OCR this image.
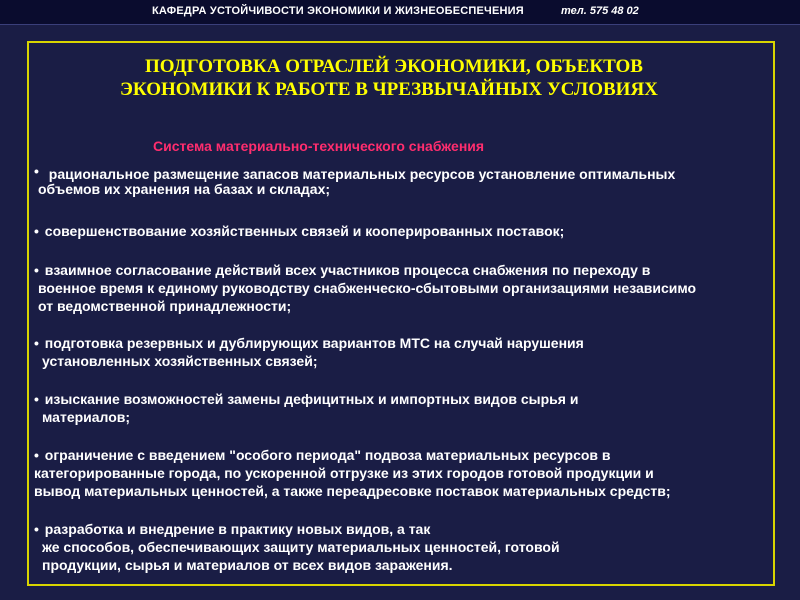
КАФЕДРА УСТОЙЧИВОСТИ ЭКОНОМИКИ И ЖИЗНЕОБЕСПЕЧЕНИЯ	тел. 575 48 02
ПОДГОТОВКА ОТРАСЛЕЙ ЭКОНОМИКИ, ОБЪЕКТОВ
ЭКОНОМИКИ К РАБОТЕ В ЧРЕЗВЫЧАЙНЫХ УСЛОВИЯХ
Система материально-технического снабжения
• рациональное размещение запасов материальных ресурсов установление оптимальных
объемов их хранения на базах и складах;
• совершенствование хозяйственных связей и кооперированных поставок;
• взаимное согласование действий всех участников процесса снабжения по переходу в
военное время к единому руководству снабженческо-сбытовыми организациями независимо
от ведомственной принадлежности;
• подготовка резервных и дублирующих вариантов МТС на случай нарушения
установленных хозяйственных связей;
• изыскание возможностей замены дефицитных и импортных видов сырья и
материалов;
• ограничение с введением "особого периода" подвоза материальных ресурсов в
категорированные города, по ускоренной отгрузке из этих городов готовой продукции и
вывод материальных ценностей, а также переадресовке поставок материальных средств;
• разработка и внедрение в практику новых видов, а так
же способов, обеспечивающих защиту материальных ценностей, готовой
продукции, сырья и материалов от всех видов заражения.
